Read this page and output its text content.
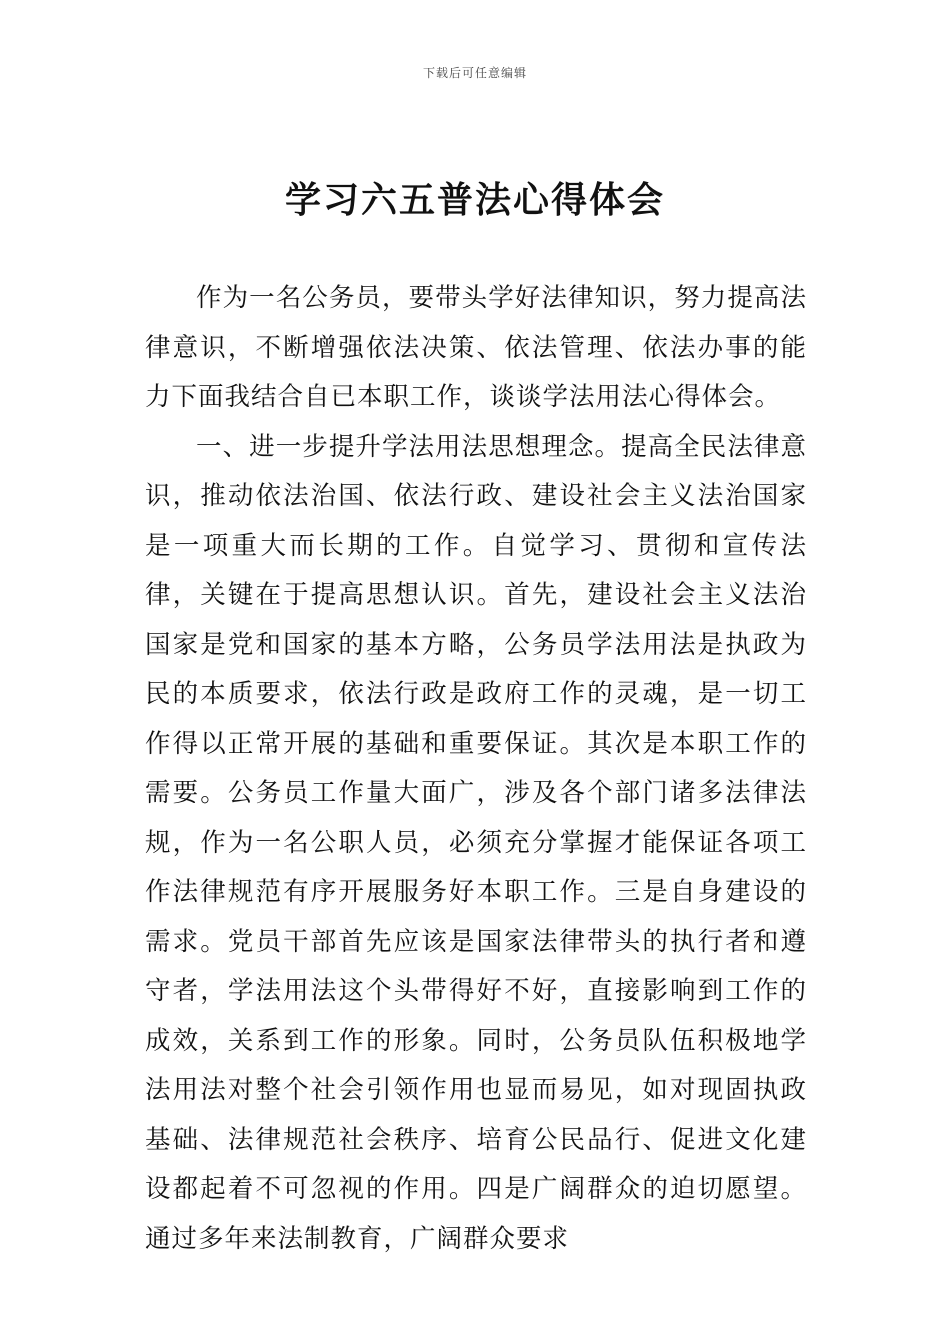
下载后可任意编辑
学习六五普法心得体会

作为一名公务员，要带头学好法律知识，努力提高法律意识，不断增强依法决策、依法管理、依法办事的能力下面我结合自已本职工作，谈谈学法用法心得体会。

一、进一步提升学法用法思想理念。提高全民法律意识，推动依法治国、依法行政、建设社会主义法治国家是一项重大而长期的工作。自觉学习、贯彻和宣传法律，关键在于提高思想认识。首先，建设社会主义法治国家是党和国家的基本方略，公务员学法用法是执政为民的本质要求，依法行政是政府工作的灵魂，是一切工作得以正常开展的基础和重要保证。其次是本职工作的需要。公务员工作量大面广，涉及各个部门诸多法律法规，作为一名公职人员，必须充分掌握才能保证各项工作法律规范有序开展服务好本职工作。三是自身建设的需求。党员干部首先应该是国家法律带头的执行者和遵守者，学法用法这个头带得好不好，直接影响到工作的成效，关系到工作的形象。同时，公务员队伍积极地学法用法对整个社会引领作用也显而易见，如对现固执政基础、法律规范社会秩序、培育公民品行、促进文化建设都起着不可忽视的作用。四是广阔群众的迫切愿望。通过多年来法制教育，广阔群众要求
